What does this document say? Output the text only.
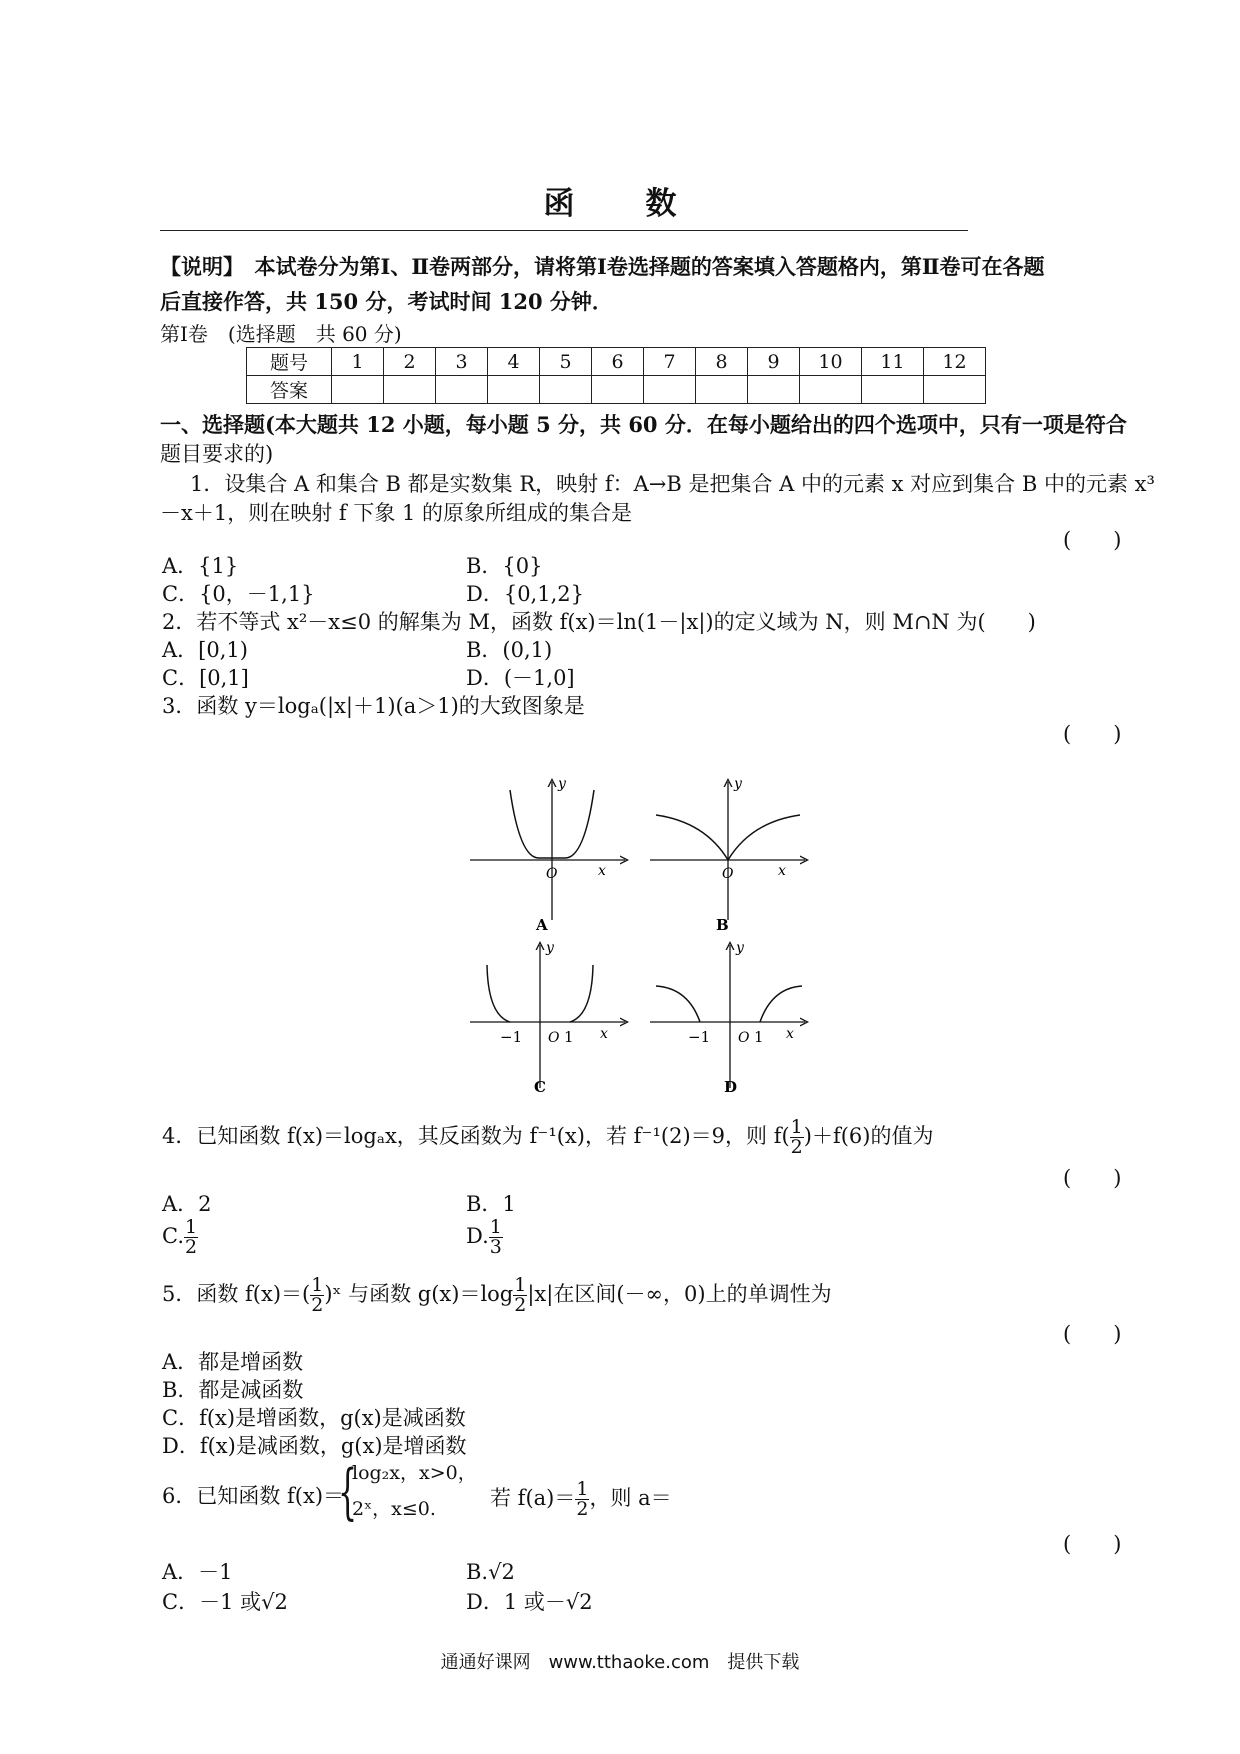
函　数
【说明】　 本试卷分为第Ⅰ、Ⅱ卷两部分，请将第Ⅰ卷选择题的答案填入答题格内，第Ⅱ卷可在各题
后直接作答，共 150 分，考试时间 120 分钟．
第Ⅰ卷　 (选择题　共 60 分)
题号	1	2	3	4	5	6	7	8	9	10	11	12
答案												
一、选择题(本大题共 12 小题，每小题 5 分，共 60 分．在每小题给出的四个选项中，只有一项是符合
题目要求的)
1．设集合 A 和集合 B 都是实数集 R，映射 f：A→B 是把集合 A 中的元素 x 对应到集合 B 中的元素 x³
－x＋1，则在映射 f 下象 1 的原象所组成的集合是
(　　)
A．{1}	B．{0}
C．{0，－1,1}	D．{0,1,2}
2．若不等式 x²－x≤0 的解集为 M，函数 f(x)＝ln(1－|x|)的定义域为 N，则 M∩N 为(　　)
A．[0,1)	B．(0,1)
C．[0,1]	D．(－1,0]
3．函数 y＝logₐ(|x|＋1)(a＞1)的大致图象是
(　　)
y
x
O
A
y
x
O
B
y
x
−1 O 1
C
y
x
−1 O 1
D
4．已知函数 f(x)＝logₐx，其反函数为 f⁻¹(x)，若 f⁻¹(2)＝9，则 $f( \frac{1}{2} )+f(6)$的值为
(　　)
A．2	B．1
C. $\frac{1}{2}$	D. $\frac{1}{3}$
5．函数 $f(x)=( \frac{1}{2}$ )ˣ 与函数 $g(x)=\log \frac{1}{2} |x|$在区间(－∞，0)上的单调性为
(　　)
A．都是增函数
B．都是减函数
C．f(x)是增函数，g(x)是减函数
D．f(x)是减函数，g(x)是增函数
6．已知函数 f(x)＝
{
log₂x，x>0，
2ˣ，x≤0.	若 $f(a)= \frac{1}{2}$ ，则 a＝
(　　)
A．－1	B.√2
C．－1 或√2	D．1 或－√2
通通好课网　www.tthaoke.com　提供下载
